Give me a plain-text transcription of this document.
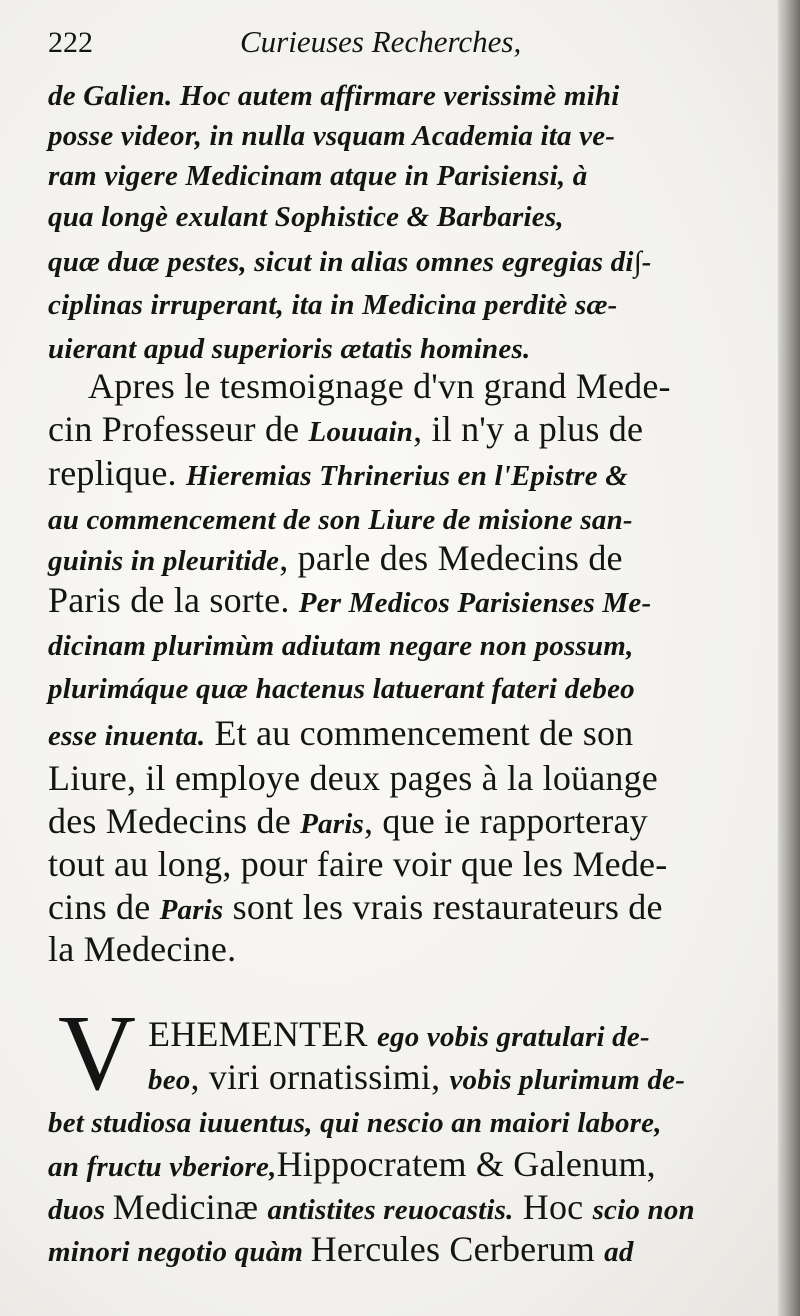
222	Curieuses Recherches,
de Galien. Hoc autem affirmare verissimè mihi
posse videor, in nulla vsquam Academia ita ve-
ram vigere Medicinam atque in Parisiensi, à
qua longè exulant Sophistice & Barbaries,
quæ duæ pestes, sicut in alias omnes egregias di∫-
ciplinas irruperant, ita in Medicina perditè sæ-
uierant apud superioris ætatis homines.
Apres le tesmoignage d'vn grand Mede-
cin Professeur de Louuain, il n'y a plus de
replique. Hieremias Thrinerius en l'Epistre &
au commencement de son Liure de misione san-
guinis in pleuritide, parle des Medecins de
Paris de la sorte. Per Medicos Parisienses Me-
dicinam plurimùm adiutam negare non possum,
plurimáque quæ hactenus latuerant fateri debeo
esse inuenta. Et au commencement de son
Liure, il employe deux pages à la loüange
des Medecins de Paris, que ie rapporteray
tout au long, pour faire voir que les Mede-
cins de Paris sont les vrais restaurateurs de
la Medecine.
V EHEMENTER ego vobis gratulari de-
beo, viri ornatissimi, vobis plurimum de-
bet studiosa iuuentus, qui nescio an maiori labore,
an fructu vberiore,Hippocratem & Galenum,
duos Medicinæ antistites reuocastis. Hoc scio non
minori negotio quàm Hercules Cerberum ad
